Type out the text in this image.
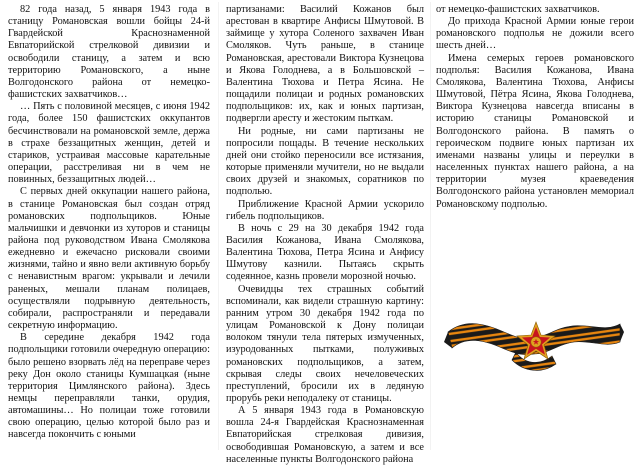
82 года назад, 5 января 1943 года в станицу Романовская вошли бойцы 24-й Гвардейской Краснознаменной Евпаторийской стрелковой дивизии и освободили станицу, а затем и всю территорию Романовского, а ныне Волгодонского района от немецко-фашистских захватчиков…

… Пять с половиной месяцев, с июня 1942 года, более 150 фашистских оккупантов бесчинствовали на романовской земле, держа в страхе беззащитных женщин, детей и стариков, устраивая массовые карательные операции, расстреливая ни в чем не повинных, беззащитных людей…

С первых дней оккупации нашего района, в станице Романовская был создан отряд романовских подпольщиков. Юные мальчишки и девчонки из хуторов и станицы района под руководством Ивана Смолякова ежедневно и ежечасно рисковали своими жизнями, тайно и явно вели активную борьбу с ненавистным врагом: укрывали и лечили раненых, мешали планам полицаев, осуществляли подрывную деятельность, собирали, распространяли и передавали секретную информацию.

В середине декабря 1942 года подпольщики готовили очередную операцию: было решено взорвать лёд на переправе через реку Дон около станицы Кумшацкая (ныне территория Цимлянского района). Здесь немцы переправляли танки, орудия, автомашины… Но полицаи тоже готовили свою операцию, целью которой было раз и навсегда покончить с юными

партизанами: Василий Кожанов был арестован в квартире Анфисы Шмутовой. В займище у хутора Соленого захвачен Иван Смоляков. Чуть раньше, в станице Романовская, арестовали Виктора Кузнецова и Якова Голоднева, а в Большовской – Валентина Тюхова и Петра Ясина. Не пощадили полицаи и родных романовских подпольщиков: их, как и юных партизан, подвергли аресту и жестоким пыткам.

Ни родные, ни сами партизаны не попросили пощады. В течение нескольких дней они стойко переносили все истязания, которые применяли мучители, но не выдали своих друзей и знакомых, соратников по подполью.

Приближение Красной Армии ускорило гибель подпольщиков.

В ночь с 29 на 30 декабря 1942 года Василия Кожанова, Ивана Смолякова, Валентина Тюхова, Петра Ясина и Анфису Шмутову казнили. Пытаясь скрыть содеянное, казнь провели морозной ночью.

Очевидцы тех страшных событий вспоминали, как видели страшную картину: ранним утром 30 декабря 1942 года по улицам Романовской к Дону полицаи волоком тянули тела пятерых измученных, изуродованных пытками, полуживых романовских подпольщиков, а затем, скрывая следы своих нечеловеческих преступлений, бросили их в ледяную прорубь реки неподалеку от станицы.

А 5 января 1943 года в Романовскую вошла 24-я Гвардейская Краснознаменная Евпаторийская стрелковая дивизия, освободившая Романовскую, а затем и все населенные пункты Волгодонского района

от немецко-фашистских захватчиков.

До прихода Красной Армии юные герои романовского подполья не дожили всего шесть дней…

Имена семерых героев романовского подполья: Василия Кожанова, Ивана Смолякова, Валентина Тюхова, Анфисы Шмутовой, Пётра Ясина, Якова Голоднева, Виктора Кузнецова навсегда вписаны в историю станицы Романовской и Волгодонского района. В память о героическом подвиге юных партизан их именами названы улицы и переулки в населенных пунктах нашего района, а на территории музея краеведения Волгодонского района установлен мемориал Романовскому подполью.
